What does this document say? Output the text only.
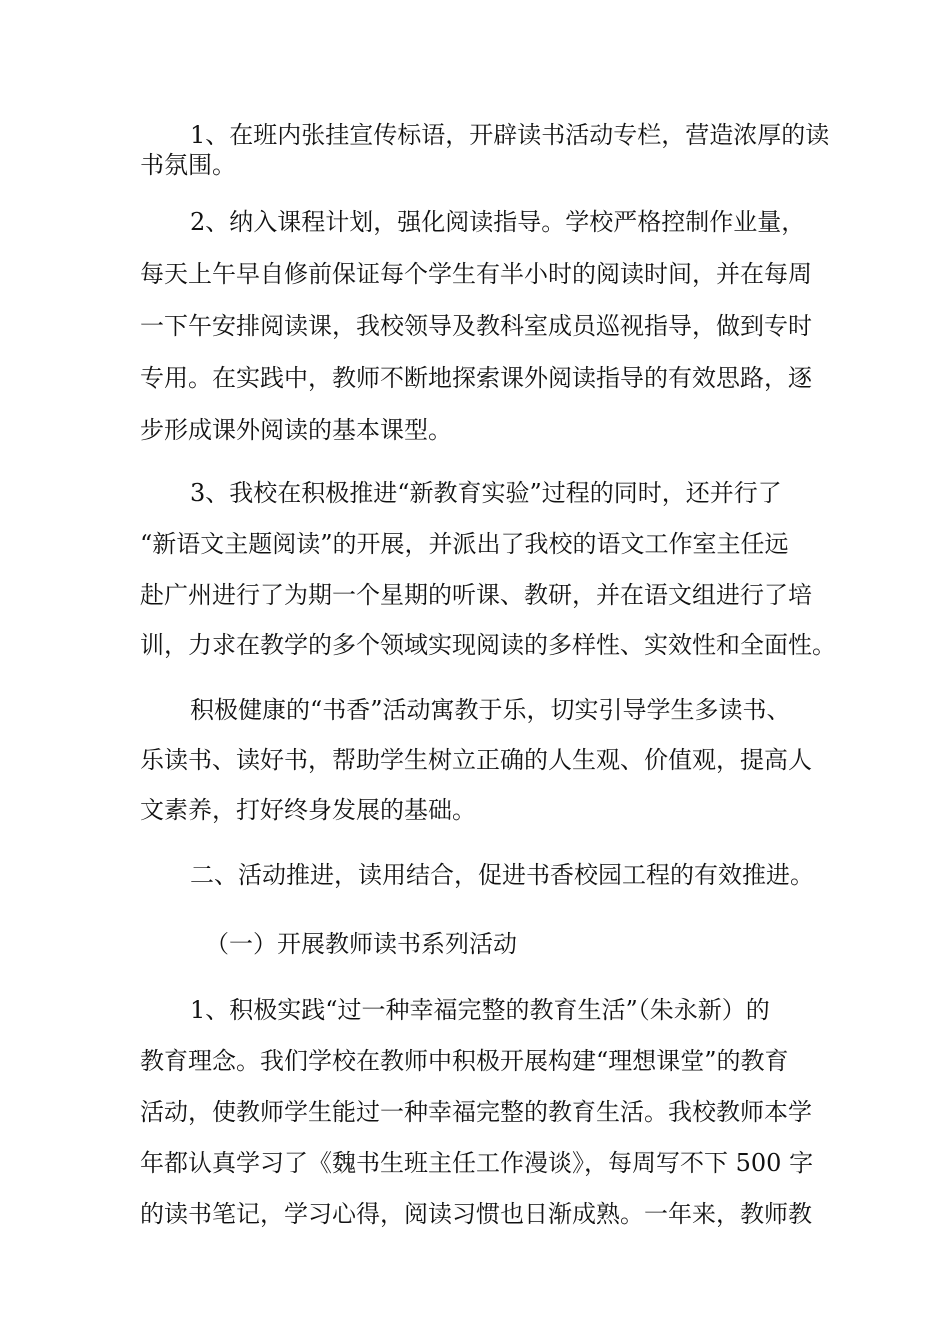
1、在班内张挂宣传标语，开辟读书活动专栏，营造浓厚的读
书氛围。
2、纳入课程计划，强化阅读指导。学校严格控制作业量，
每天上午早自修前保证每个学生有半小时的阅读时间，并在每周
一下午安排阅读课，我校领导及教科室成员巡视指导，做到专时
专用。在实践中，教师不断地探索课外阅读指导的有效思路，逐
步形成课外阅读的基本课型。
3、我校在积极推进“新教育实验”过程的同时，还并行了
“新语文主题阅读”的开展，并派出了我校的语文工作室主任远
赴广州进行了为期一个星期的听课、教研，并在语文组进行了培
训，力求在教学的多个领域实现阅读的多样性、实效性和全面性。
积极健康的“书香”活动寓教于乐，切实引导学生多读书、
乐读书、读好书，帮助学生树立正确的人生观、价值观，提高人
文素养，打好终身发展的基础。
二、活动推进，读用结合，促进书香校园工程的有效推进。
（一）开展教师读书系列活动
1、积极实践“过一种幸福完整的教育生活”（朱永新）的
教育理念。我们学校在教师中积极开展构建“理想课堂”的教育
活动，使教师学生能过一种幸福完整的教育生活。我校教师本学
年都认真学习了《魏书生班主任工作漫谈》，每周写不下 500 字
的读书笔记，学习心得，阅读习惯也日渐成熟。一年来，教师教
